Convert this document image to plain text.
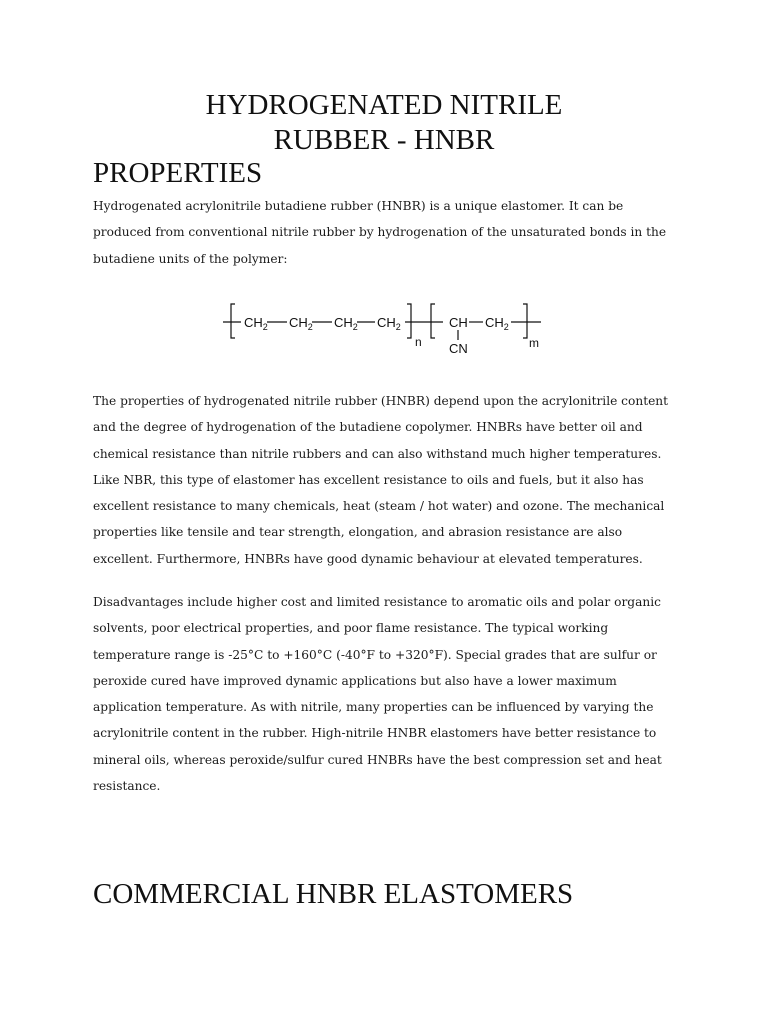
HYDROGENATED NITRILE
RUBBER - HNBR
PROPERTIES

Hydrogenated acrylonitrile butadiene rubber (HNBR) is a unique elastomer. It can be produced from conventional nitrile rubber by hydrogenation of the unsaturated bonds in the butadiene units of the polymer:

$CH_2$ $CH_2$ $CH_2$ $CH_2$
n
CH $CH_2$
CN	m

The properties of hydrogenated nitrile rubber (HNBR) depend upon the acrylonitrile content and the degree of hydrogenation of the butadiene copolymer. HNBRs have better oil and chemical resistance than nitrile rubbers and can also withstand much higher temperatures. Like NBR, this type of elastomer has excellent resistance to oils and fuels, but it also has excellent resistance to many chemicals, heat (steam / hot water) and ozone. The mechanical properties like tensile and tear strength, elongation, and abrasion resistance are also excellent. Furthermore, HNBRs have good dynamic behaviour at elevated temperatures.

Disadvantages include higher cost and limited resistance to aromatic oils and polar organic solvents, poor electrical properties, and poor flame resistance. The typical working temperature range is -25°C to +160°C (-40°F to +320°F). Special grades that are sulfur or peroxide cured have improved dynamic applications but also have a lower maximum application temperature. As with nitrile, many properties can be influenced by varying the acrylonitrile content in the rubber. High-nitrile HNBR elastomers have better resistance to mineral oils, whereas peroxide/sulfur cured HNBRs have the best compression set and heat resistance.

COMMERCIAL HNBR ELASTOMERS
